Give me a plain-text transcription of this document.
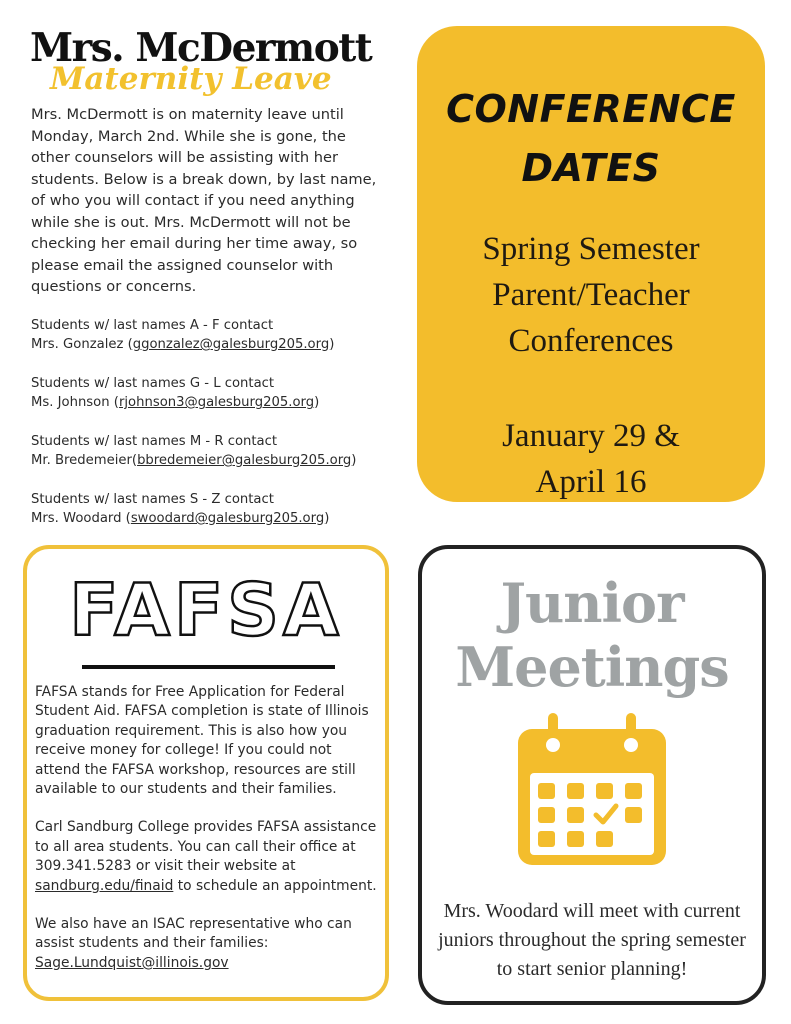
Mrs. McDermott
Maternity Leave

Mrs. McDermott is on maternity leave until Monday, March 2nd. While she is gone, the other counselors will be assisting with her students. Below is a break down, by last name, of who you will contact if you need anything while she is out. Mrs. McDermott will not be checking her email during her time away, so please email the assigned counselor with questions or concerns.

Students w/ last names A - F contact
Mrs. Gonzalez (ggonzalez@galesburg205.org)
Students w/ last names G - L contact
Ms. Johnson (rjohnson3@galesburg205.org)
Students w/ last names M - R contact
Mr. Bredemeier(bbredemeier@galesburg205.org)
Students w/ last names S - Z contact
Mrs. Woodard (swoodard@galesburg205.org)
CONFERENCE
DATES

Spring Semester
Parent/Teacher
Conferences

January 29 &
April 16

FAFSA

FAFSA stands for Free Application for Federal Student Aid. FAFSA completion is state of Illinois graduation requirement. This is also how you receive money for college! If you could not attend the FAFSA workshop, resources are still available to our students and their families.

Carl Sandburg College provides FAFSA assistance to all area students. You can call their office at 309.341.5283 or visit their website at sandburg.edu/finaid to schedule an appointment.

We also have an ISAC representative who can assist students and their families: Sage.Lundquist@illinois.gov

Junior
Meetings

Mrs. Woodard will meet with current juniors throughout the spring semester to start senior planning!
